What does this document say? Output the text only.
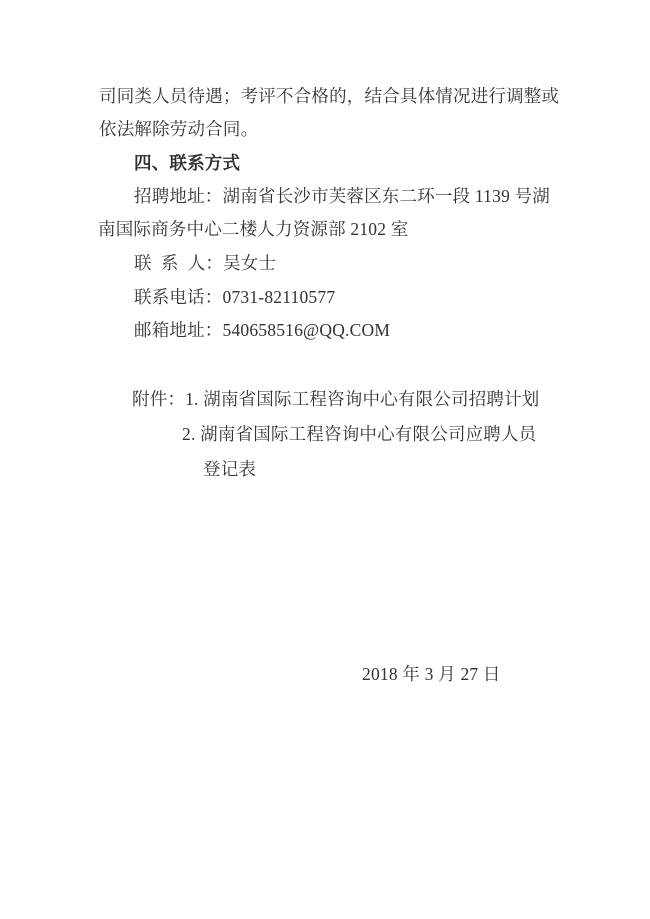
司同类人员待遇；考评不合格的，结合具体情况进行调整或
依法解除劳动合同。
四、联系方式
招聘地址：湖南省长沙市芙蓉区东二环一段 1139 号湖
南国际商务中心二楼人力资源部 2102 室
联  系  人：吴女士
联系电话：0731-82110577
邮箱地址：540658516@QQ.COM
附件：1. 湖南省国际工程咨询中心有限公司招聘计划
2. 湖南省国际工程咨询中心有限公司应聘人员
登记表
2018 年 3 月 27 日
